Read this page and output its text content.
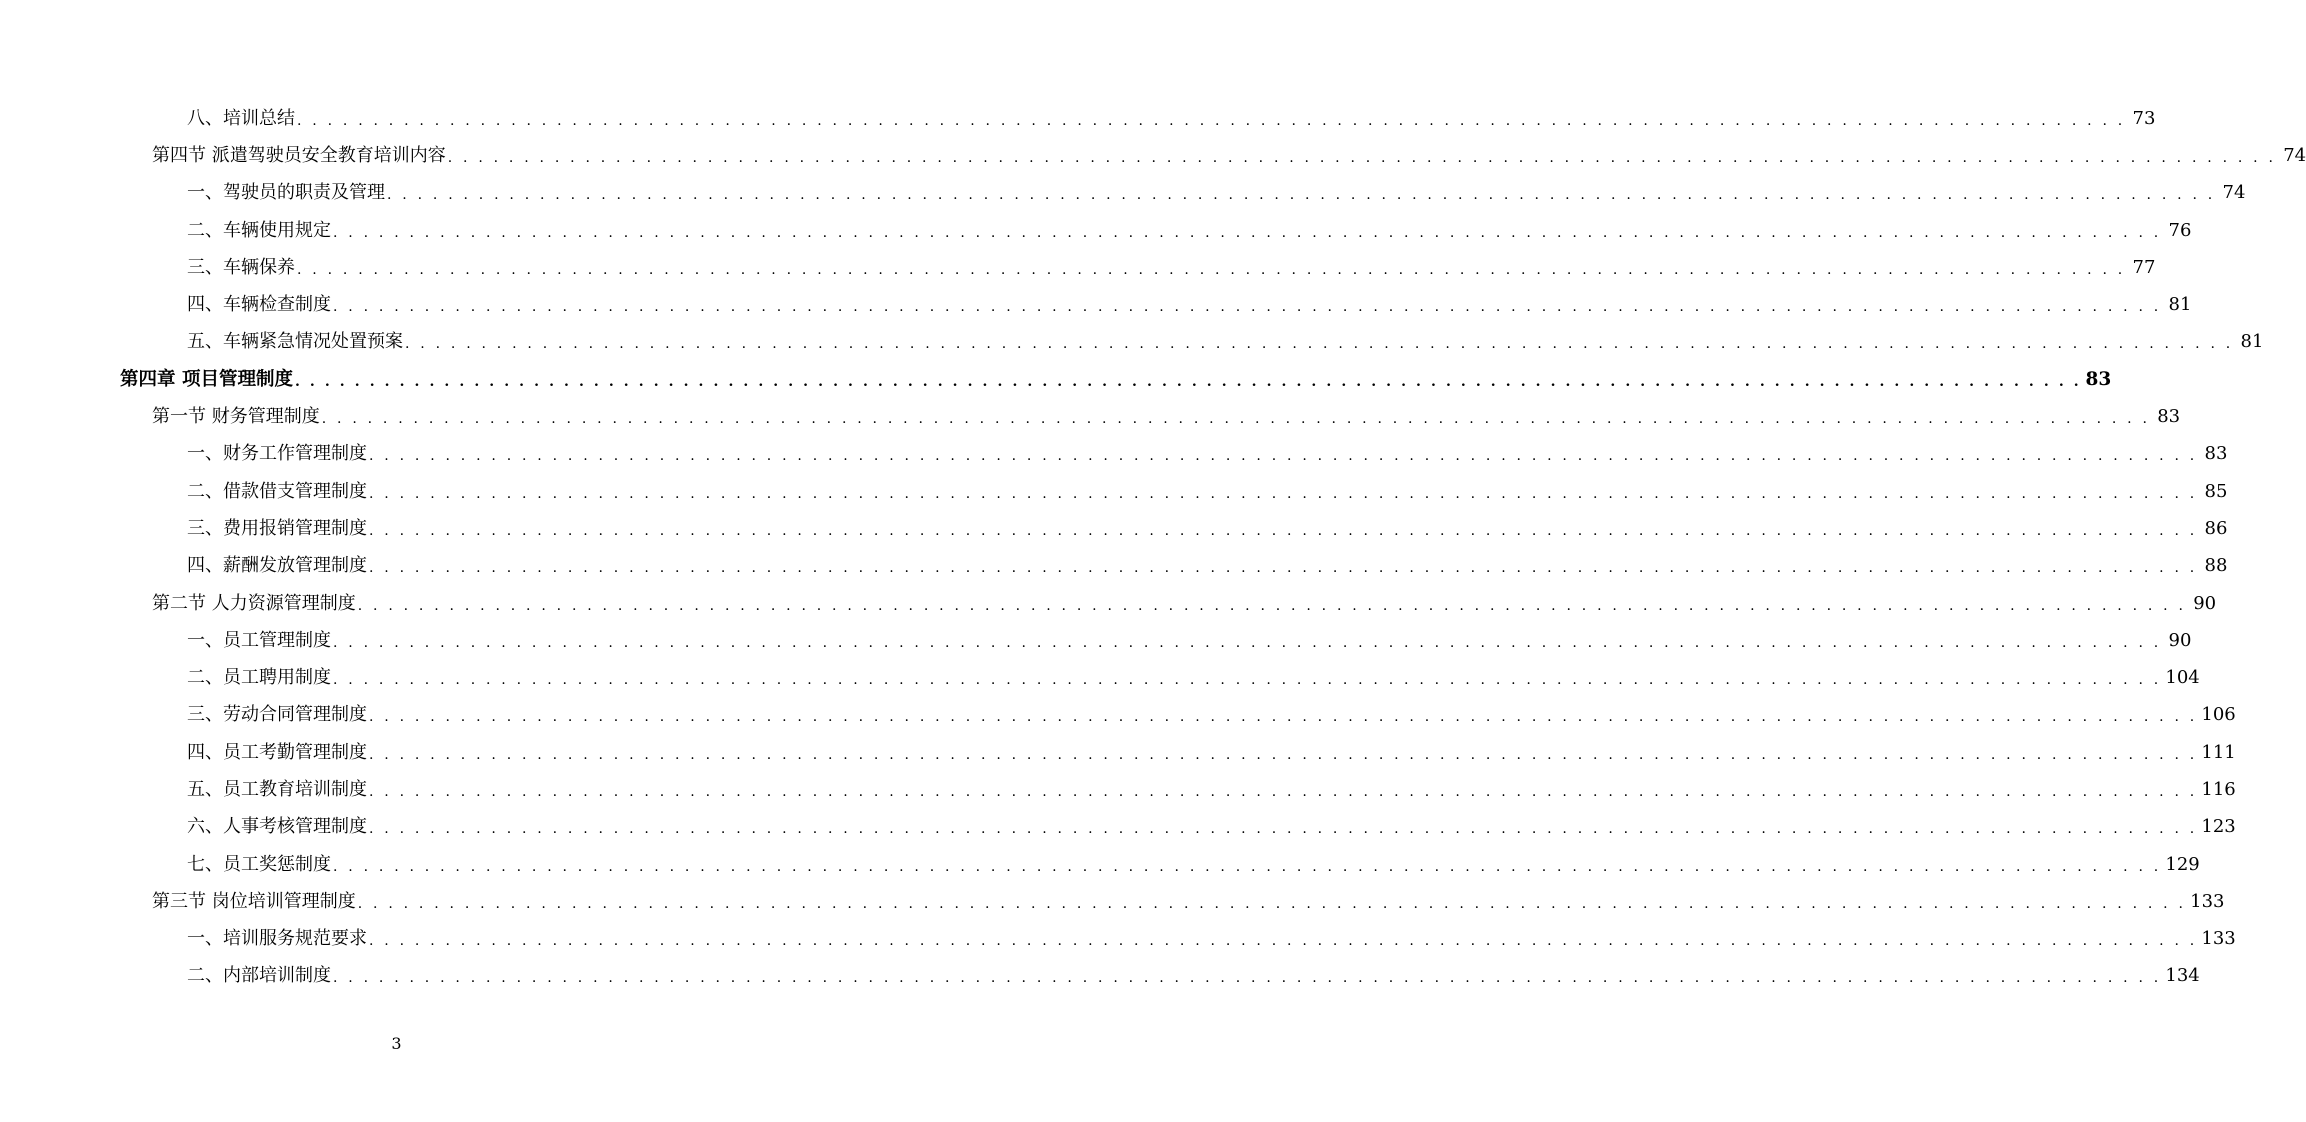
八、培训总结 . . . . . . . . . . . . . . . . . . . . . . . . . . . . . . . . . . . . . . . . . . . . . . . . . . . . . . . . . . . . . . . . . . . . . . . . . . . . . . . . . . . . . . . . . . . . . . . . . . . . . . . . . . . . . . . . . . . . . . . . 73
第四节 派遣驾驶员安全教育培训内容 . . . . . . . . . . . . . . . . . . . . . . . . . . . . . . . . . . . . . . . . . . . . . . . . . . . . . . . . . . . . . . . . . . . . . . . . . . . . . . . . . . . . . . . . . . . . . . . . . . . . . . . . . . . . . . . . . . . . . . . . 74
一、驾驶员的职责及管理 . . . . . . . . . . . . . . . . . . . . . . . . . . . . . . . . . . . . . . . . . . . . . . . . . . . . . . . . . . . . . . . . . . . . . . . . . . . . . . . . . . . . . . . . . . . . . . . . . . . . . . . . . . . . . . . . . . . . . . . . 74
二、车辆使用规定 . . . . . . . . . . . . . . . . . . . . . . . . . . . . . . . . . . . . . . . . . . . . . . . . . . . . . . . . . . . . . . . . . . . . . . . . . . . . . . . . . . . . . . . . . . . . . . . . . . . . . . . . . . . . . . . . . . . . . . . . 76
三、车辆保养 . . . . . . . . . . . . . . . . . . . . . . . . . . . . . . . . . . . . . . . . . . . . . . . . . . . . . . . . . . . . . . . . . . . . . . . . . . . . . . . . . . . . . . . . . . . . . . . . . . . . . . . . . . . . . . . . . . . . . . . . 77
四、车辆检查制度 . . . . . . . . . . . . . . . . . . . . . . . . . . . . . . . . . . . . . . . . . . . . . . . . . . . . . . . . . . . . . . . . . . . . . . . . . . . . . . . . . . . . . . . . . . . . . . . . . . . . . . . . . . . . . . . . . . . . . . . . 81
五、车辆紧急情况处置预案 . . . . . . . . . . . . . . . . . . . . . . . . . . . . . . . . . . . . . . . . . . . . . . . . . . . . . . . . . . . . . . . . . . . . . . . . . . . . . . . . . . . . . . . . . . . . . . . . . . . . . . . . . . . . . . . . . . . . . . . . 81
第四章 项目管理制度 . . . . . . . . . . . . . . . . . . . . . . . . . . . . . . . . . . . . . . . . . . . . . . . . . . . . . . . . . . . . . . . . . . . . . . . . . . . . . . . . . . . . . . . . . . . . . . . . . . . . . . . . . . . . . . . . . . . . . . . . 83
第一节 财务管理制度 . . . . . . . . . . . . . . . . . . . . . . . . . . . . . . . . . . . . . . . . . . . . . . . . . . . . . . . . . . . . . . . . . . . . . . . . . . . . . . . . . . . . . . . . . . . . . . . . . . . . . . . . . . . . . . . . . . . . . . . . 83
一、财务工作管理制度 . . . . . . . . . . . . . . . . . . . . . . . . . . . . . . . . . . . . . . . . . . . . . . . . . . . . . . . . . . . . . . . . . . . . . . . . . . . . . . . . . . . . . . . . . . . . . . . . . . . . . . . . . . . . . . . . . . . . . . . . 83
二、借款借支管理制度 . . . . . . . . . . . . . . . . . . . . . . . . . . . . . . . . . . . . . . . . . . . . . . . . . . . . . . . . . . . . . . . . . . . . . . . . . . . . . . . . . . . . . . . . . . . . . . . . . . . . . . . . . . . . . . . . . . . . . . . . 85
三、费用报销管理制度 . . . . . . . . . . . . . . . . . . . . . . . . . . . . . . . . . . . . . . . . . . . . . . . . . . . . . . . . . . . . . . . . . . . . . . . . . . . . . . . . . . . . . . . . . . . . . . . . . . . . . . . . . . . . . . . . . . . . . . . . 86
四、薪酬发放管理制度 . . . . . . . . . . . . . . . . . . . . . . . . . . . . . . . . . . . . . . . . . . . . . . . . . . . . . . . . . . . . . . . . . . . . . . . . . . . . . . . . . . . . . . . . . . . . . . . . . . . . . . . . . . . . . . . . . . . . . . . . 88
第二节 人力资源管理制度 . . . . . . . . . . . . . . . . . . . . . . . . . . . . . . . . . . . . . . . . . . . . . . . . . . . . . . . . . . . . . . . . . . . . . . . . . . . . . . . . . . . . . . . . . . . . . . . . . . . . . . . . . . . . . . . . . . . . . . . . 90
一、员工管理制度 . . . . . . . . . . . . . . . . . . . . . . . . . . . . . . . . . . . . . . . . . . . . . . . . . . . . . . . . . . . . . . . . . . . . . . . . . . . . . . . . . . . . . . . . . . . . . . . . . . . . . . . . . . . . . . . . . . . . . . . . 90
二、员工聘用制度 . . . . . . . . . . . . . . . . . . . . . . . . . . . . . . . . . . . . . . . . . . . . . . . . . . . . . . . . . . . . . . . . . . . . . . . . . . . . . . . . . . . . . . . . . . . . . . . . . . . . . . . . . . . . . . . . . . . . . . . . 104
三、劳动合同管理制度 . . . . . . . . . . . . . . . . . . . . . . . . . . . . . . . . . . . . . . . . . . . . . . . . . . . . . . . . . . . . . . . . . . . . . . . . . . . . . . . . . . . . . . . . . . . . . . . . . . . . . . . . . . . . . . . . . . . . . . . . 106
四、员工考勤管理制度 . . . . . . . . . . . . . . . . . . . . . . . . . . . . . . . . . . . . . . . . . . . . . . . . . . . . . . . . . . . . . . . . . . . . . . . . . . . . . . . . . . . . . . . . . . . . . . . . . . . . . . . . . . . . . . . . . . . . . . . . 111
五、员工教育培训制度 . . . . . . . . . . . . . . . . . . . . . . . . . . . . . . . . . . . . . . . . . . . . . . . . . . . . . . . . . . . . . . . . . . . . . . . . . . . . . . . . . . . . . . . . . . . . . . . . . . . . . . . . . . . . . . . . . . . . . . . . 116
六、人事考核管理制度 . . . . . . . . . . . . . . . . . . . . . . . . . . . . . . . . . . . . . . . . . . . . . . . . . . . . . . . . . . . . . . . . . . . . . . . . . . . . . . . . . . . . . . . . . . . . . . . . . . . . . . . . . . . . . . . . . . . . . . . . 123
七、员工奖惩制度 . . . . . . . . . . . . . . . . . . . . . . . . . . . . . . . . . . . . . . . . . . . . . . . . . . . . . . . . . . . . . . . . . . . . . . . . . . . . . . . . . . . . . . . . . . . . . . . . . . . . . . . . . . . . . . . . . . . . . . . . 129
第三节 岗位培训管理制度 . . . . . . . . . . . . . . . . . . . . . . . . . . . . . . . . . . . . . . . . . . . . . . . . . . . . . . . . . . . . . . . . . . . . . . . . . . . . . . . . . . . . . . . . . . . . . . . . . . . . . . . . . . . . . . . . . . . . . . . . 133
一、培训服务规范要求 . . . . . . . . . . . . . . . . . . . . . . . . . . . . . . . . . . . . . . . . . . . . . . . . . . . . . . . . . . . . . . . . . . . . . . . . . . . . . . . . . . . . . . . . . . . . . . . . . . . . . . . . . . . . . . . . . . . . . . . . 133
二、内部培训制度 . . . . . . . . . . . . . . . . . . . . . . . . . . . . . . . . . . . . . . . . . . . . . . . . . . . . . . . . . . . . . . . . . . . . . . . . . . . . . . . . . . . . . . . . . . . . . . . . . . . . . . . . . . . . . . . . . . . . . . . . 134
3
